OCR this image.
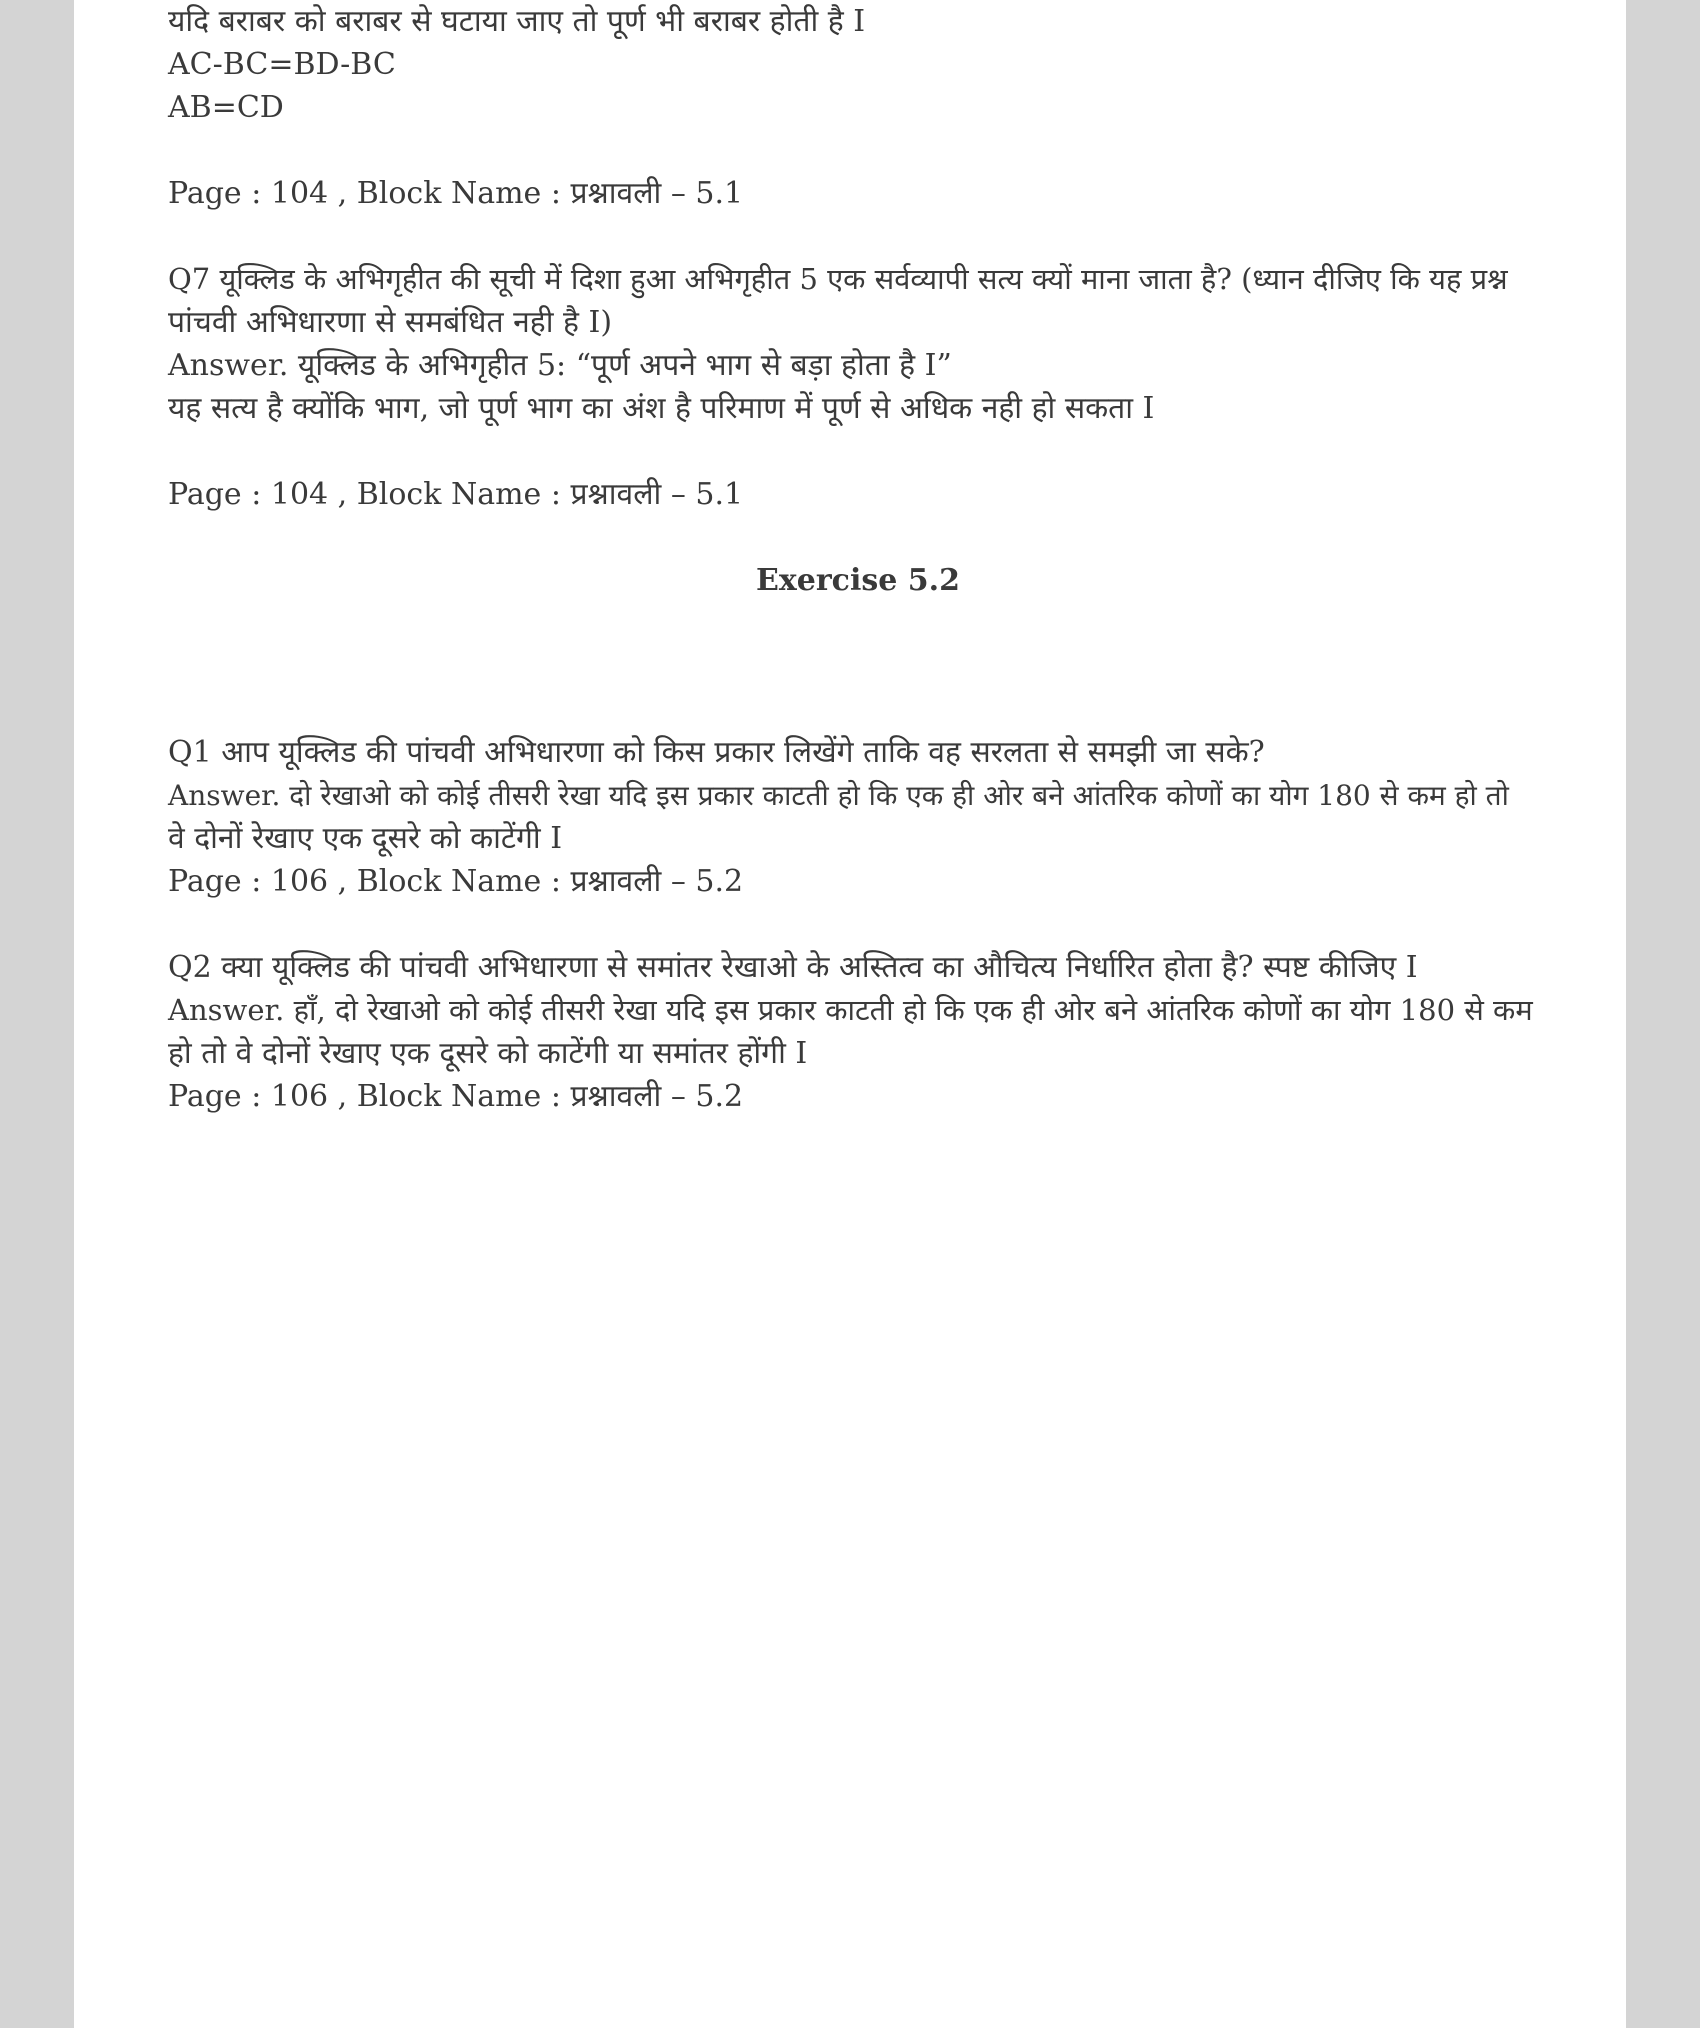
यदि बराबर को बराबर से घटाया जाए तो पूर्ण भी बराबर होती है I
AC-BC=BD-BC
AB=CD
Page : 104 , Block Name : प्रश्नावली – 5.1
Q7 यूक्लिड के अभिगृहीत की सूची में दिशा हुआ अभिगृहीत 5 एक सर्वव्यापी सत्य क्यों माना जाता है? (ध्यान दीजिए कि यह प्रश्न
पांचवी अभिधारणा से समबंधित नही है I)
Answer. यूक्लिड के अभिगृहीत 5: “पूर्ण अपने भाग से बड़ा होता है I”
यह सत्य है क्योंकि भाग, जो पूर्ण भाग का अंश है परिमाण में पूर्ण से अधिक नही हो सकता I
Page : 104 , Block Name : प्रश्नावली – 5.1
Exercise 5.2
Q1 आप यूक्लिड की पांचवी अभिधारणा को किस प्रकार लिखेंगे ताकि वह सरलता से समझी जा सके?
Answer. दो रेखाओ को कोई तीसरी रेखा यदि इस प्रकार काटती हो कि एक ही ओर बने आंतरिक कोणों का योग 180 से कम हो तो
वे दोनों रेखाए एक दूसरे को काटेंगी I
Page : 106 , Block Name : प्रश्नावली – 5.2
Q2 क्या यूक्लिड की पांचवी अभिधारणा से समांतर रेखाओ के अस्तित्व का औचित्य निर्धारित होता है? स्पष्ट कीजिए I
Answer. हाँ, दो रेखाओ को कोई तीसरी रेखा यदि इस प्रकार काटती हो कि एक ही ओर बने आंतरिक कोणों का योग 180 से कम
हो तो वे दोनों रेखाए एक दूसरे को काटेंगी या समांतर होंगी I
Page : 106 , Block Name : प्रश्नावली – 5.2
